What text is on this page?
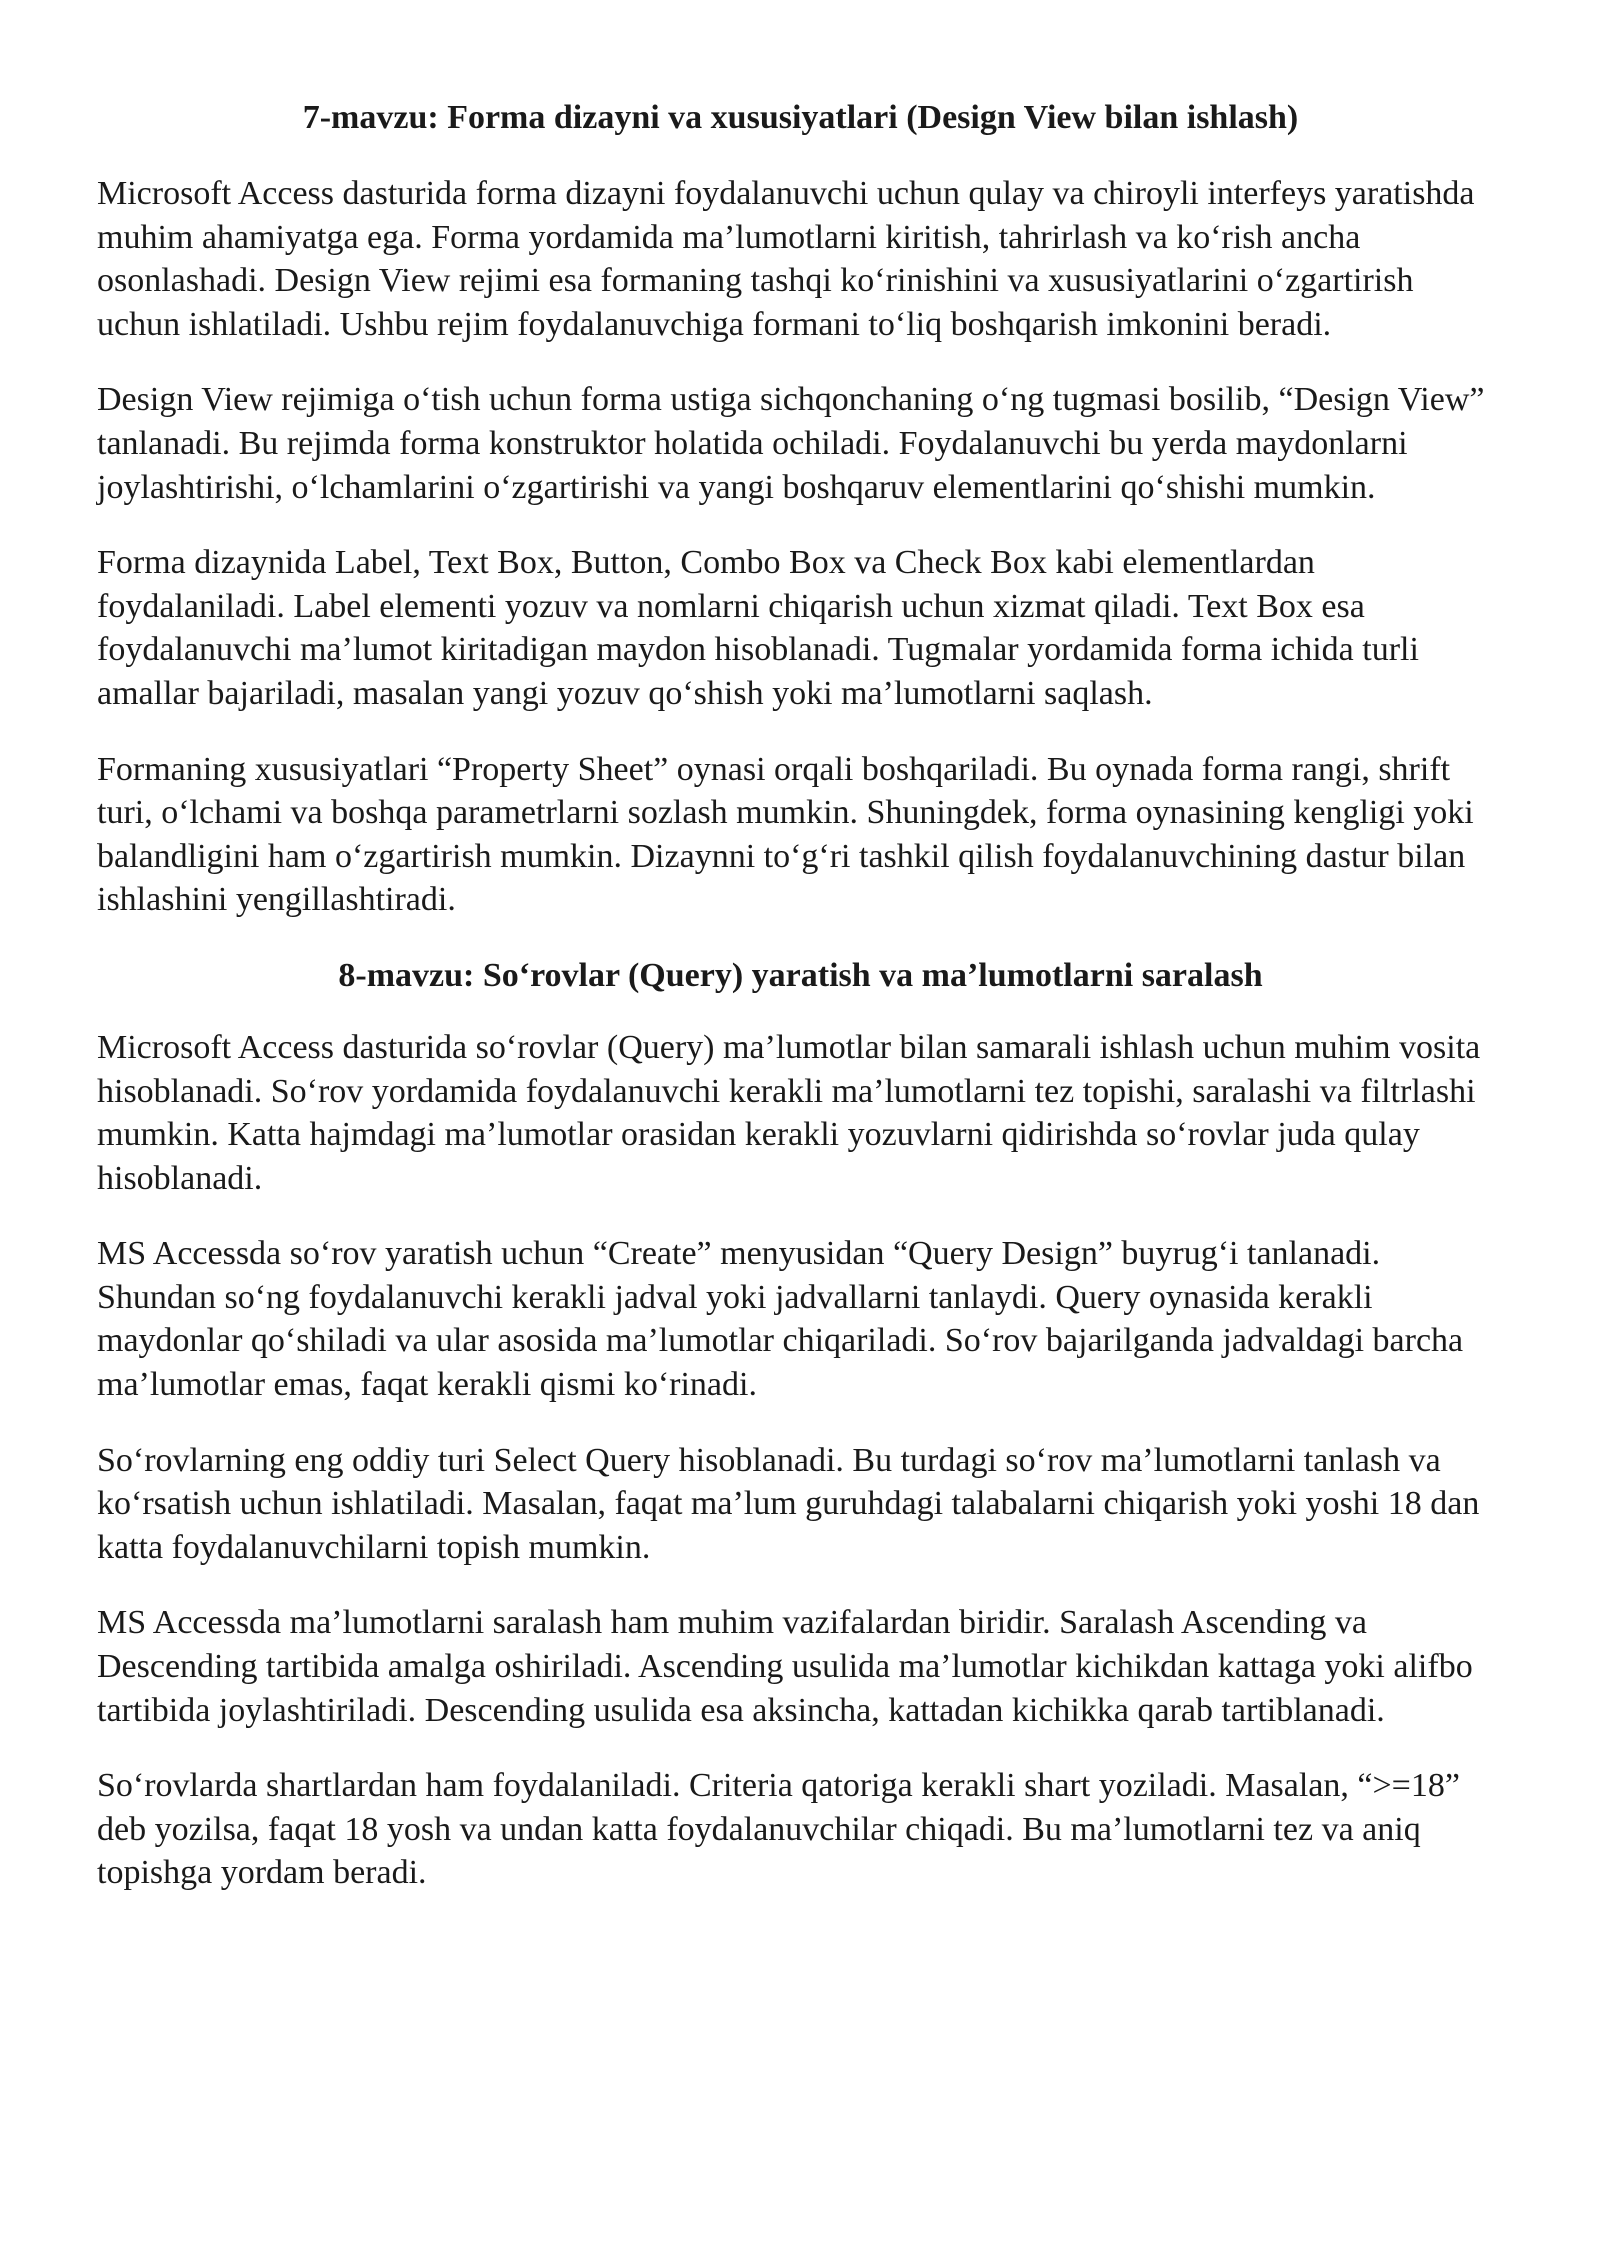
7-mavzu: Forma dizayni va xususiyatlari (Design View bilan ishlash)

Microsoft Access dasturida forma dizayni foydalanuvchi uchun qulay va chiroyli interfeys yaratishda muhim ahamiyatga ega. Forma yordamida ma’lumotlarni kiritish, tahrirlash va ko‘rish ancha osonlashadi. Design View rejimi esa formaning tashqi ko‘rinishini va xususiyatlarini o‘zgartirish uchun ishlatiladi. Ushbu rejim foydalanuvchiga formani to‘liq boshqarish imkonini beradi.

Design View rejimiga o‘tish uchun forma ustiga sichqonchaning o‘ng tugmasi bosilib, “Design View” tanlanadi. Bu rejimda forma konstruktor holatida ochiladi. Foydalanuvchi bu yerda maydonlarni joylashtirishi, o‘lchamlarini o‘zgartirishi va yangi boshqaruv elementlarini qo‘shishi mumkin.

Forma dizaynida Label, Text Box, Button, Combo Box va Check Box kabi elementlardan foydalaniladi. Label elementi yozuv va nomlarni chiqarish uchun xizmat qiladi. Text Box esa foydalanuvchi ma’lumot kiritadigan maydon hisoblanadi. Tugmalar yordamida forma ichida turli amallar bajariladi, masalan yangi yozuv qo‘shish yoki ma’lumotlarni saqlash.

Formaning xususiyatlari “Property Sheet” oynasi orqali boshqariladi. Bu oynada forma rangi, shrift turi, o‘lchami va boshqa parametrlarni sozlash mumkin. Shuningdek, forma oynasining kengligi yoki balandligini ham o‘zgartirish mumkin. Dizaynni to‘g‘ri tashkil qilish foydalanuvchining dastur bilan ishlashini yengillashtiradi.

8-mavzu: So‘rovlar (Query) yaratish va ma’lumotlarni saralash

Microsoft Access dasturida so‘rovlar (Query) ma’lumotlar bilan samarali ishlash uchun muhim vosita hisoblanadi. So‘rov yordamida foydalanuvchi kerakli ma’lumotlarni tez topishi, saralashi va filtrlashi mumkin. Katta hajmdagi ma’lumotlar orasidan kerakli yozuvlarni qidirishda so‘rovlar juda qulay hisoblanadi.

MS Accessda so‘rov yaratish uchun “Create” menyusidan “Query Design” buyrug‘i tanlanadi. Shundan so‘ng foydalanuvchi kerakli jadval yoki jadvallarni tanlaydi. Query oynasida kerakli maydonlar qo‘shiladi va ular asosida ma’lumotlar chiqariladi. So‘rov bajarilganda jadvaldagi barcha ma’lumotlar emas, faqat kerakli qismi ko‘rinadi.

So‘rovlarning eng oddiy turi Select Query hisoblanadi. Bu turdagi so‘rov ma’lumotlarni tanlash va ko‘rsatish uchun ishlatiladi. Masalan, faqat ma’lum guruhdagi talabalarni chiqarish yoki yoshi 18 dan katta foydalanuvchilarni topish mumkin.

MS Accessda ma’lumotlarni saralash ham muhim vazifalardan biridir. Saralash Ascending va Descending tartibida amalga oshiriladi. Ascending usulida ma’lumotlar kichikdan kattaga yoki alifbo tartibida joylashtiriladi. Descending usulida esa aksincha, kattadan kichikka qarab tartiblanadi.

So‘rovlarda shartlardan ham foydalaniladi. Criteria qatoriga kerakli shart yoziladi. Masalan, “>=18” deb yozilsa, faqat 18 yosh va undan katta foydalanuvchilar chiqadi. Bu ma’lumotlarni tez va aniq topishga yordam beradi.
